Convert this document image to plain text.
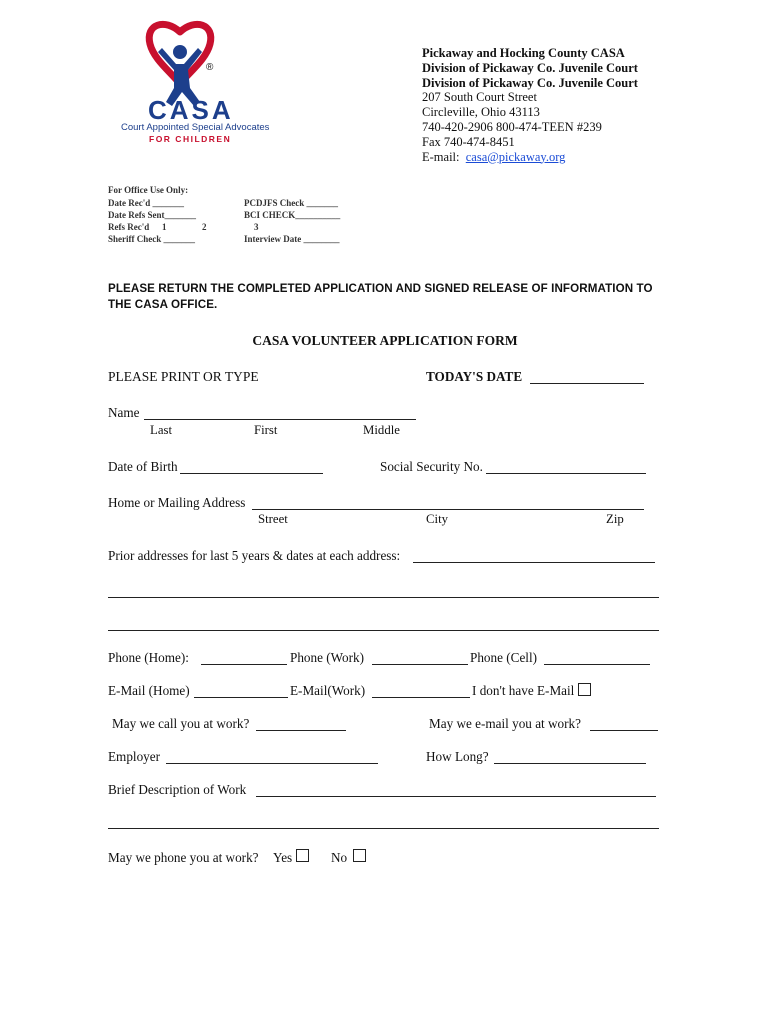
®
CASA
Court Appointed Special Advocates
FOR CHILDREN
Pickaway and Hocking County CASA
Division of Pickaway Co. Juvenile Court
Division of Pickaway Co. Juvenile Court
207 South Court Street
Circleville, Ohio 43113
740-420-2906 800-474-TEEN #239
Fax 740-474-8451
E-mail: casa@pickaway.org
For Office Use Only:
Date Rec'd _______
Date Refs Sent_______
Refs Rec'd 1	2
Sheriff Check _______
PCDJFS Check _______
BCI CHECK__________
3
Interview Date ________
PLEASE RETURN THE COMPLETED APPLICATION AND SIGNED RELEASE OF INFORMATION TO THE CASA OFFICE.
CASA VOLUNTEER APPLICATION FORM
PLEASE PRINT OR TYPE	TODAY'S DATE
Name
Last	First	Middle
Date of Birth	Social Security No.
Home or Mailing Address
Street	City	Zip
Prior addresses for last 5 years & dates at each address:
Phone (Home):	Phone (Work)	Phone (Cell)
E-Mail (Home)	E-Mail(Work)	I don't have E-Mail
May we call you at work?	May we e-mail you at work?
Employer	How Long?
Brief Description of Work
May we phone you at work? Yes	No
